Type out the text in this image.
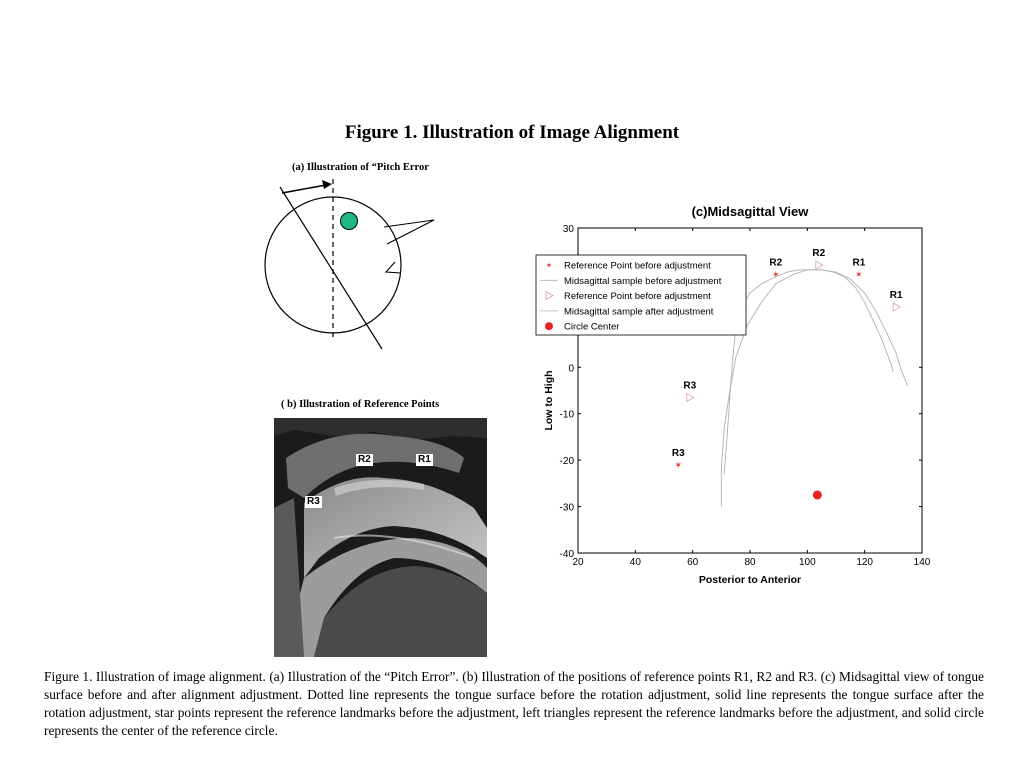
Figure 1. Illustration of Image Alignment
(a) Illustration of “Pitch Error
( b) Illustration of Reference Points
R2	R1
R3
(c)Midsagittal View
20	40	60	80	100	120	140
30
0
-10
-20
-30
-40
Posterior to Anterior
Low to High
✶
R2
✶
R1
✶
R3
R2
R1
R3
✶ Reference Point before adjustment
Midsagittal sample before adjustment
Reference Point before adjustment
Midsagittal sample after adjustment
Circle Center
Figure 1. Illustration of image alignment. (a) Illustration of the “Pitch Error”. (b) Illustration of the positions of reference points R1, R2 and R3. (c) Midsagittal view of tongue surface before and after alignment adjustment. Dotted line represents the tongue surface before the rotation adjustment, solid line represents the tongue surface after the rotation adjustment, star points represent the reference landmarks before the adjustment, left triangles represent the reference landmarks before the adjustment, and solid circle represents the center of the reference circle.
